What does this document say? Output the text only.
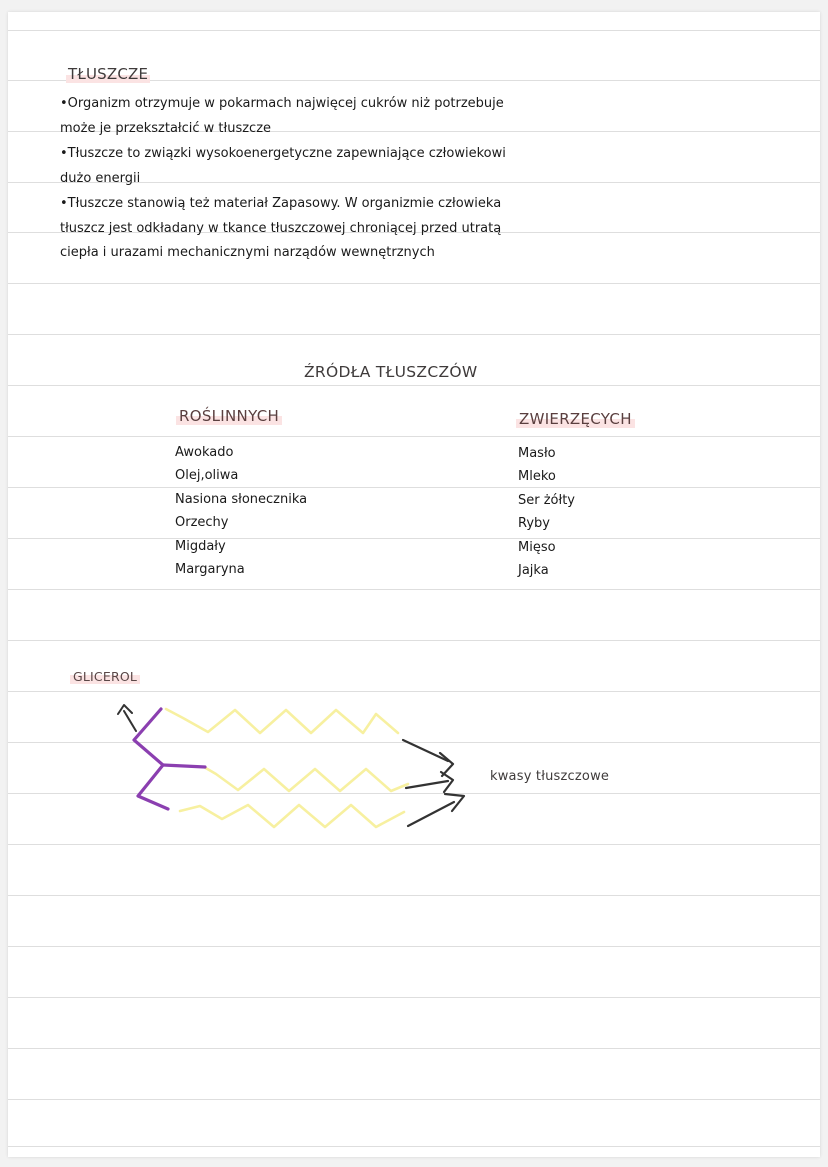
TŁUSZCZE

•Organizm otrzymuje w pokarmach najwięcej cukrów niż potrzebuje może je przekształcić w tłuszcze

•Tłuszcze to związki wysokoenergetyczne zapewniające człowiekowi dużo energii

•Tłuszcze stanowią też materiał Zapasowy. W organizmie człowieka tłuszcz jest odkładany w tkance tłuszczowej chroniącej przed utratą ciepła i urazami mechanicznymi narządów wewnętrznych

ŹRÓDŁA TŁUSZCZÓW
ROŚLINNYCH	ZWIERZĘCYCH
Awokado
Olej,oliwa
Nasiona słonecznika
Orzechy
Migdały
Margaryna
Masło
Mleko
Ser żółty
Ryby
Mięso
Jajka
GLICEROL
kwasy tłuszczowe
